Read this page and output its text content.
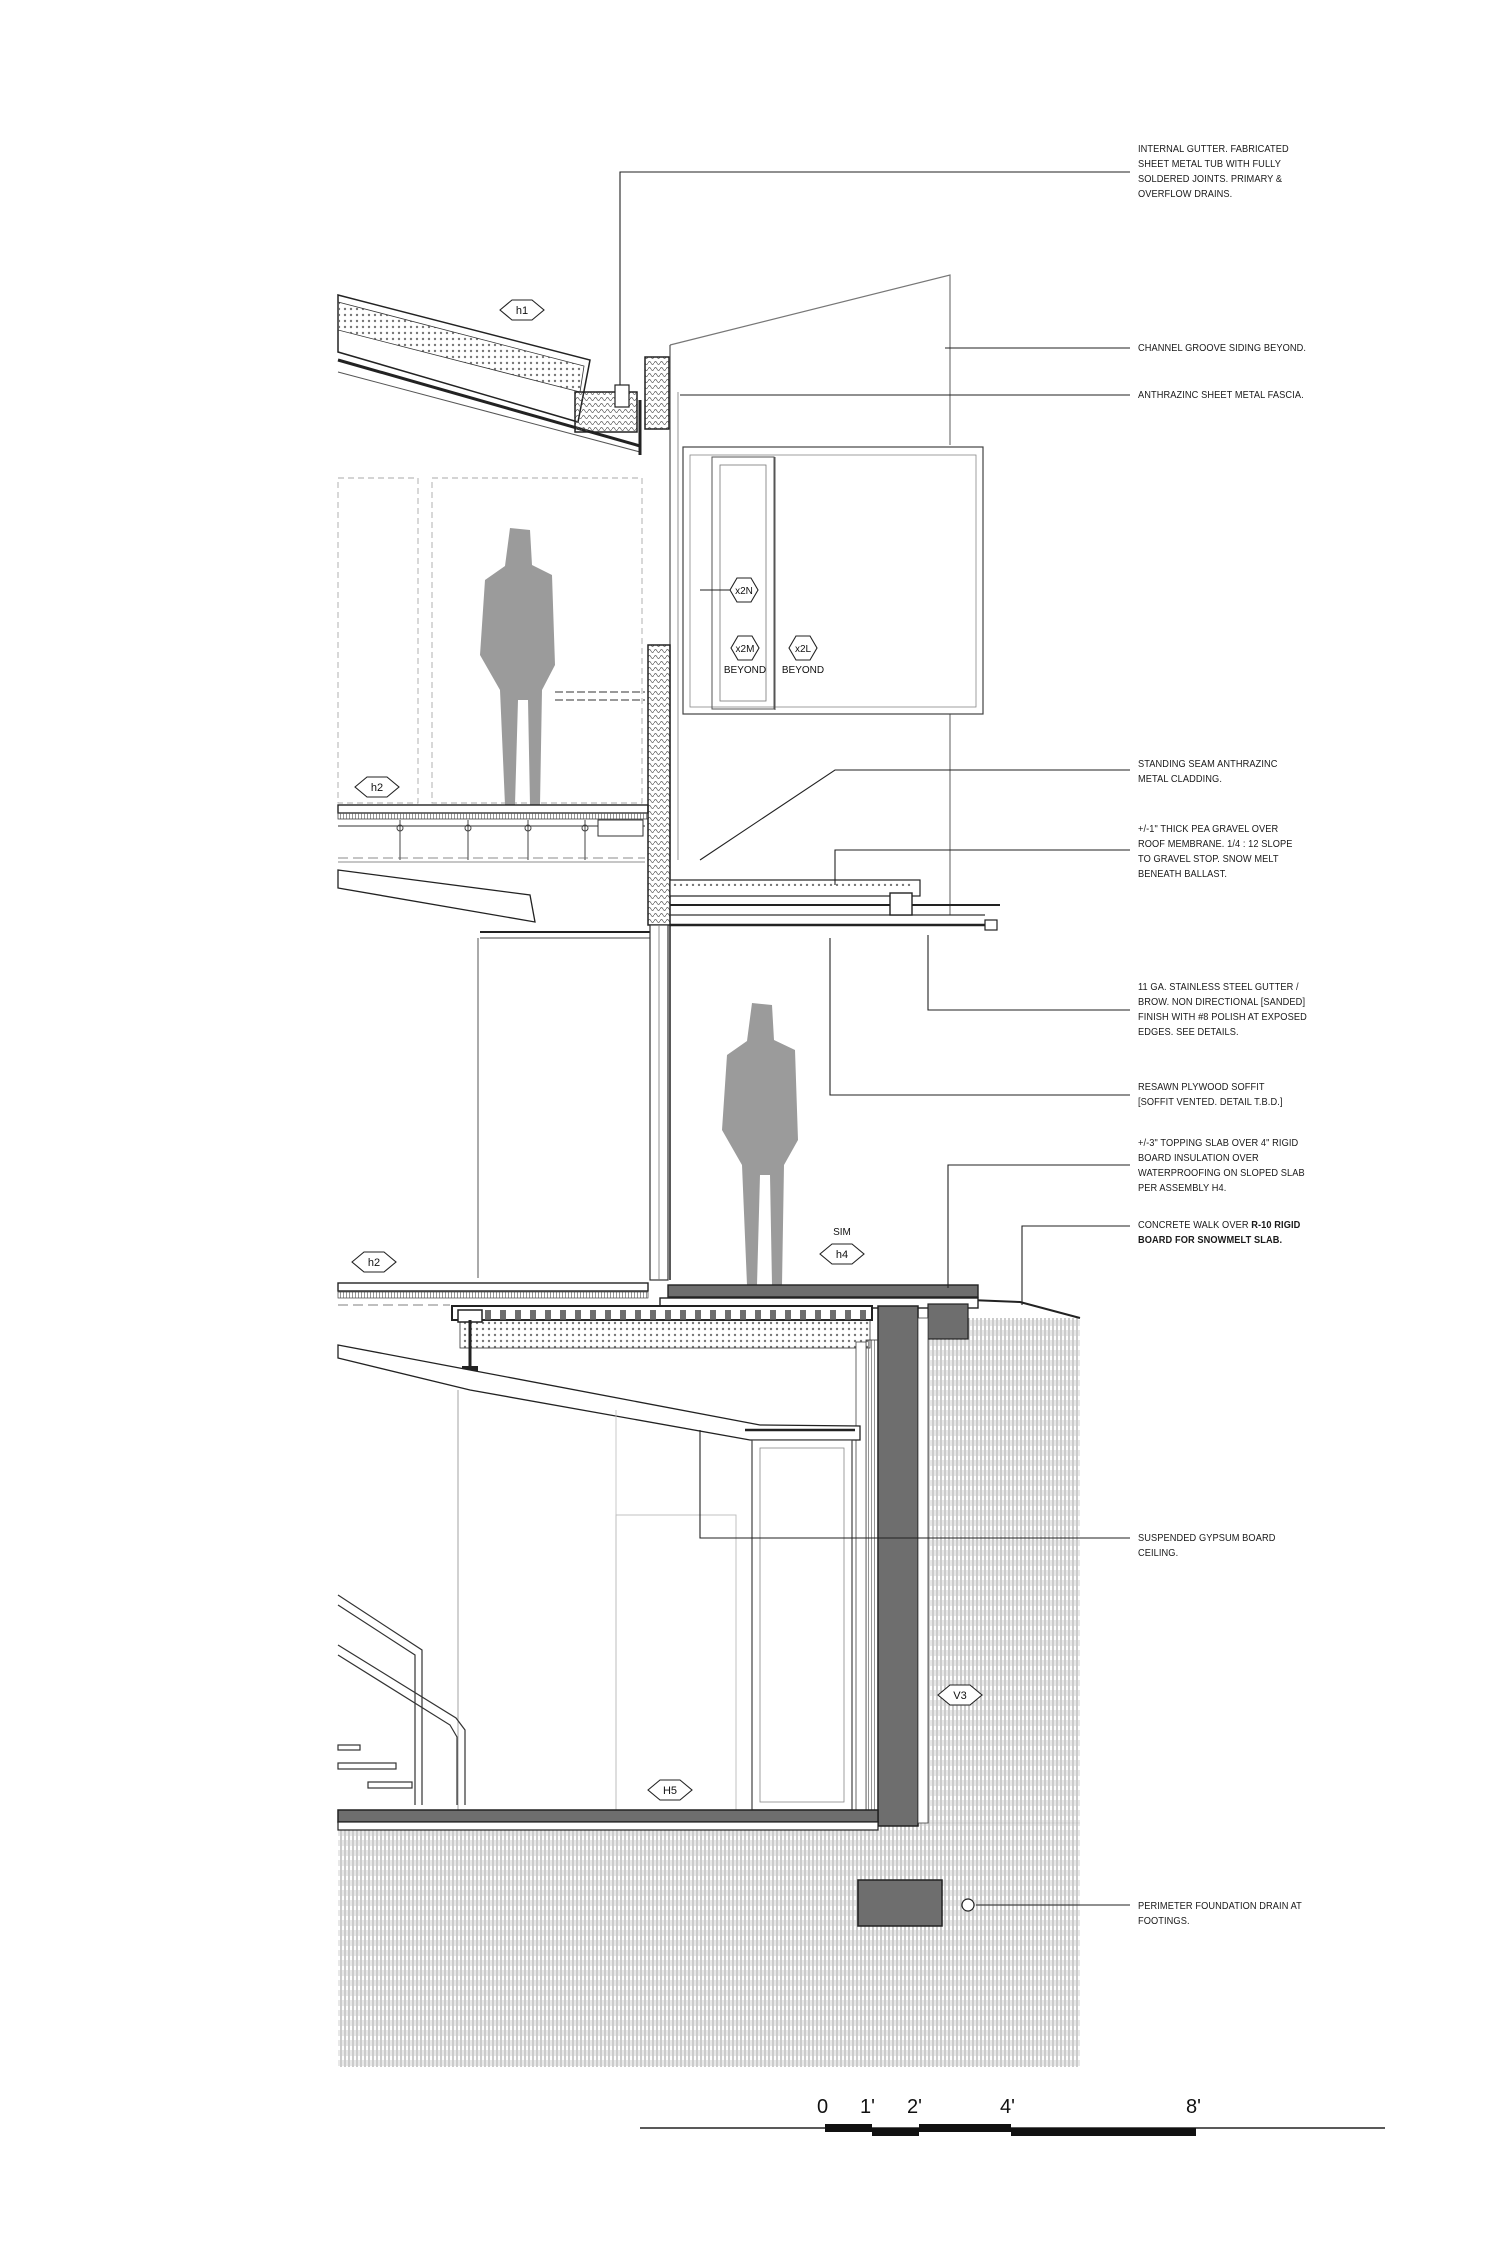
h1
h2
h2
x2N
x2M
BEYOND
x2L
BEYOND
SIM
h4
V3
H5
INTERNAL GUTTER. FABRICATED
SHEET METAL TUB WITH FULLY
SOLDERED JOINTS. PRIMARY &
OVERFLOW DRAINS.
CHANNEL GROOVE SIDING BEYOND.
ANTHRAZINC SHEET METAL FASCIA.
STANDING SEAM ANTHRAZINC
METAL CLADDING.
+/-1" THICK PEA GRAVEL OVER
ROOF MEMBRANE. 1/4 : 12 SLOPE
TO GRAVEL STOP. SNOW MELT
BENEATH BALLAST.
11 GA. STAINLESS STEEL GUTTER /
BROW. NON DIRECTIONAL [SANDED]
FINISH WITH #8 POLISH AT EXPOSED
EDGES. SEE DETAILS.
RESAWN PLYWOOD SOFFIT
[SOFFIT VENTED. DETAIL T.B.D.]
+/-3" TOPPING SLAB OVER 4" RIGID
BOARD INSULATION OVER
WATERPROOFING ON SLOPED SLAB
PER ASSEMBLY H4.
CONCRETE WALK OVER R-10 RIGID
BOARD FOR SNOWMELT SLAB.
SUSPENDED GYPSUM BOARD
CEILING.
PERIMETER FOUNDATION DRAIN AT
FOOTINGS.
0 1' 2'	4'	8'
